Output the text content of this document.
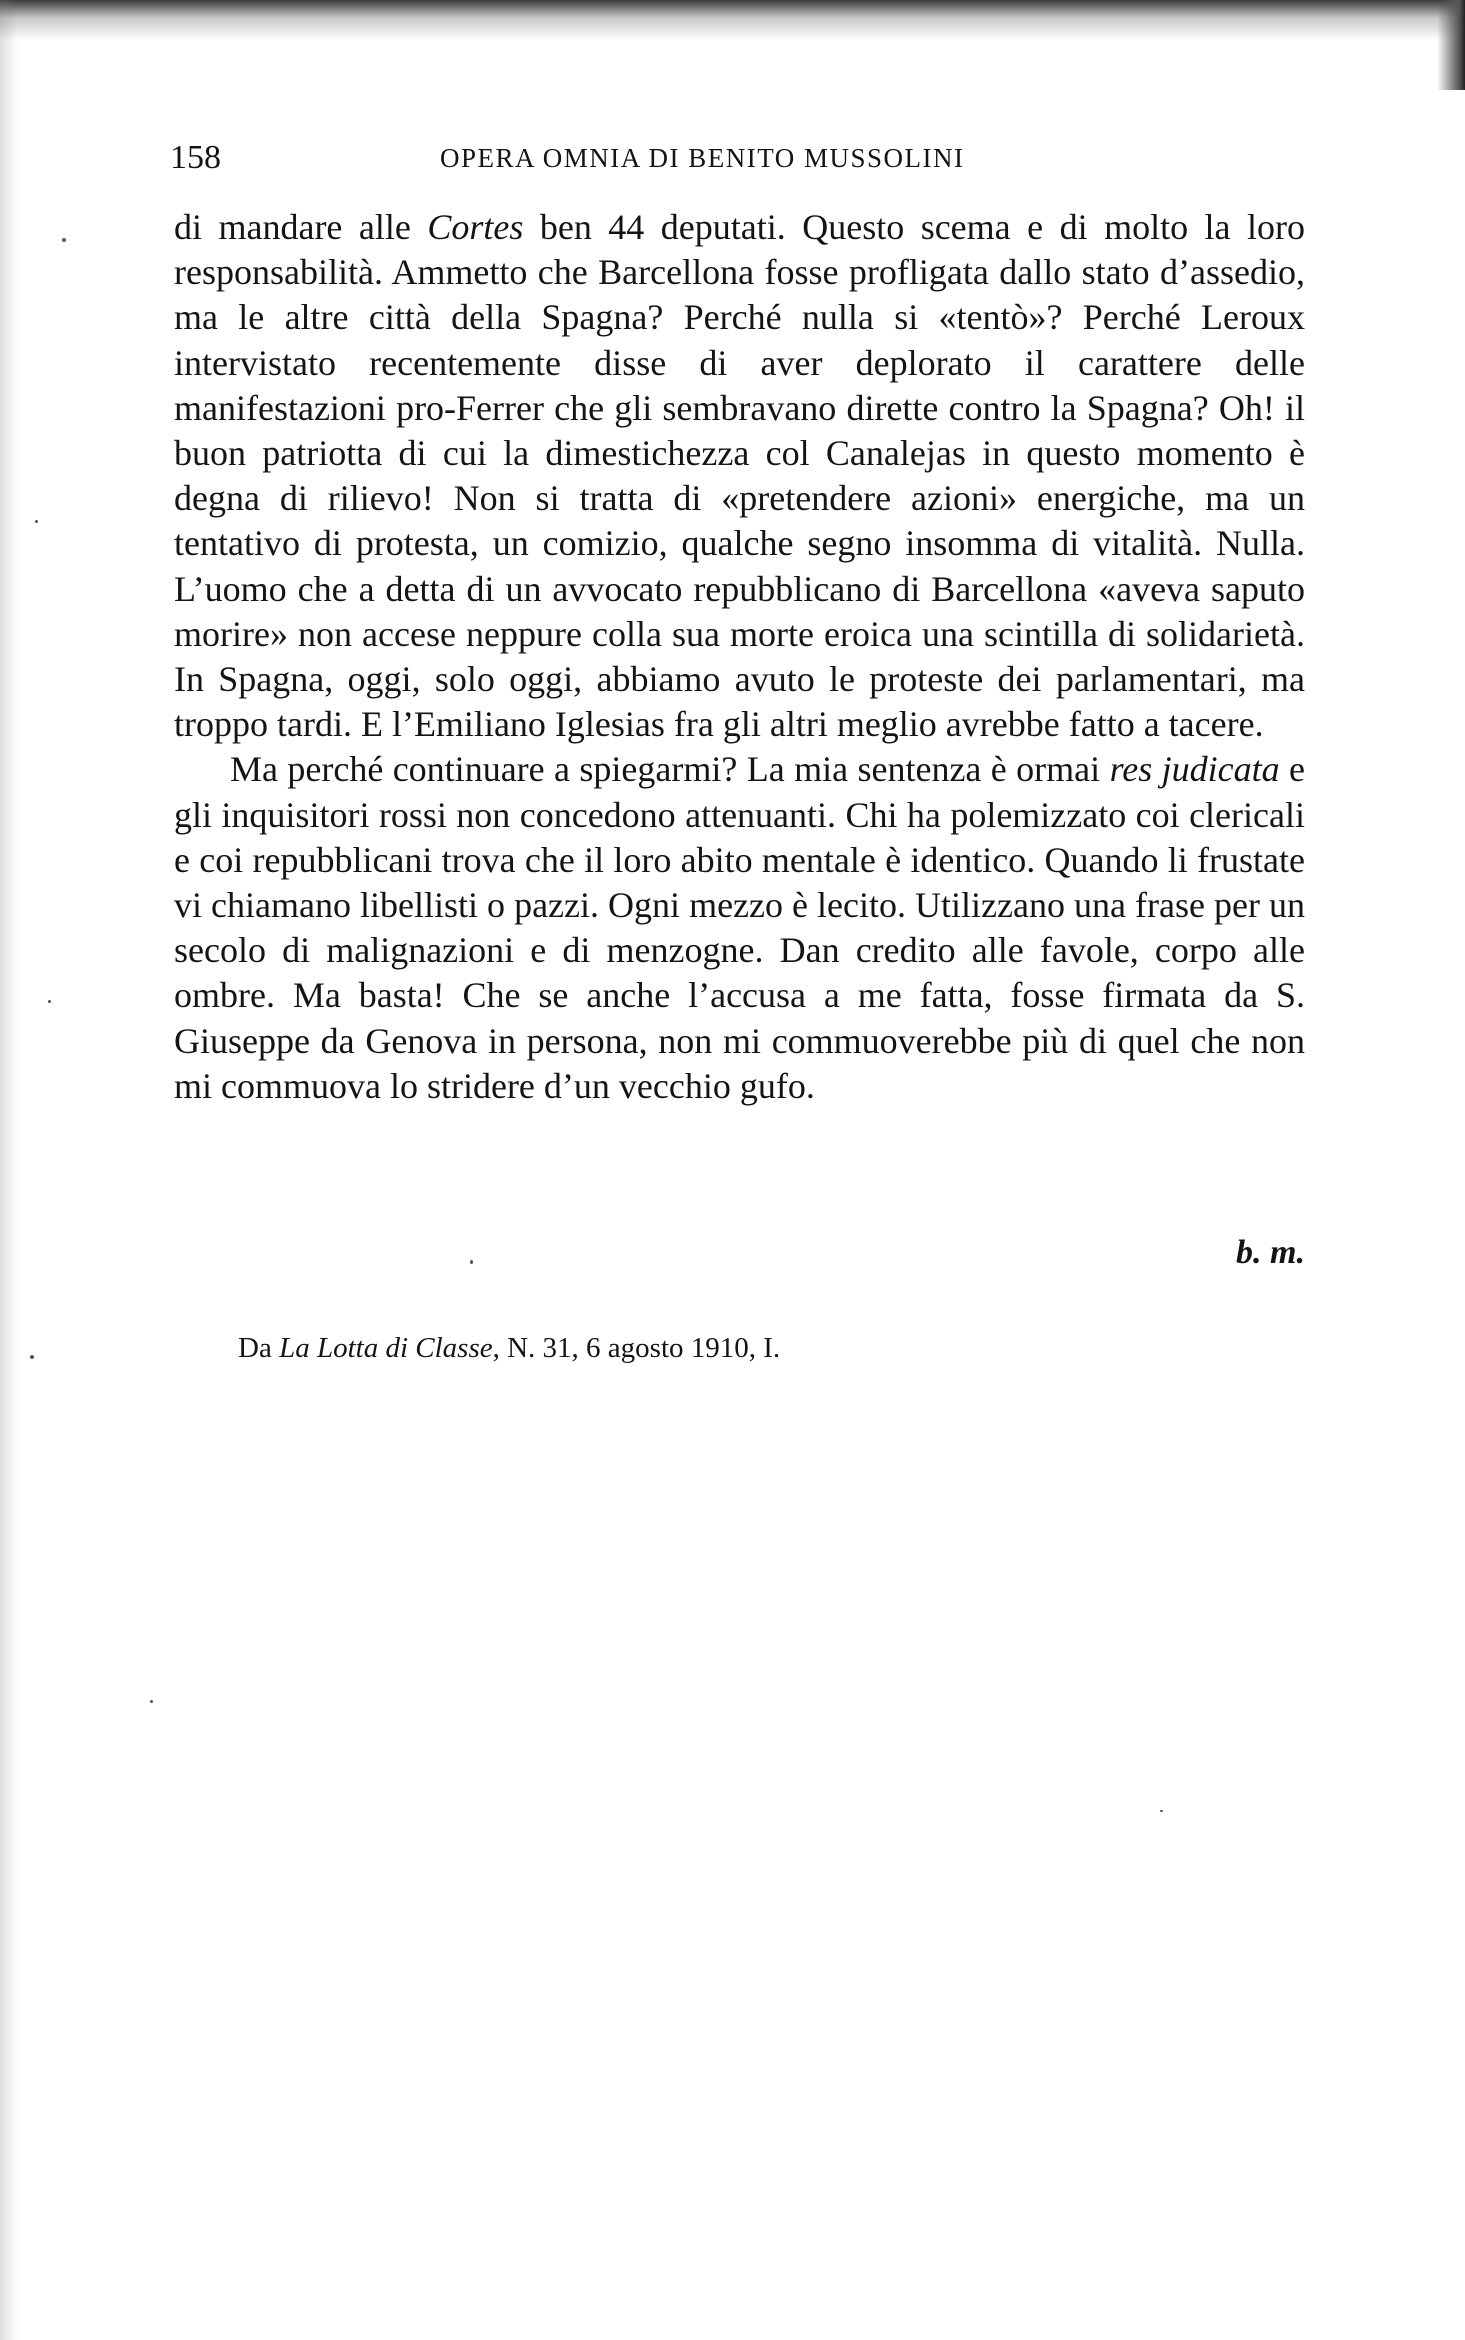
158	OPERA OMNIA DI BENITO MUSSOLINI

di mandare alle Cortes ben 44 deputati. Questo scema e di molto la loro responsabilità. Ammetto che Barcellona fosse profligata dallo stato d’assedio, ma le altre città della Spagna? Perché nulla si «tentò»? Perché Leroux intervistato recentemente disse di aver deplorato il carattere delle manifestazioni pro-Ferrer che gli sembravano dirette contro la Spagna? Oh! il buon patriotta di cui la dimestichezza col Canalejas in questo momento è degna di rilievo! Non si tratta di «pretendere azioni» energiche, ma un tentativo di protesta, un comizio, qualche segno insomma di vitalità. Nulla. L’uomo che a detta di un avvocato repubblicano di Barcellona «aveva saputo morire» non accese neppure colla sua morte eroica una scintilla di solidarietà. In Spagna, oggi, solo oggi, abbiamo avuto le proteste dei parlamentari, ma troppo tardi. E l’Emiliano Iglesias fra gli altri meglio avrebbe fatto a tacere.

Ma perché continuare a spiegarmi? La mia sentenza è ormai res judicata e gli inquisitori rossi non concedono attenuanti. Chi ha polemizzato coi clericali e coi repubblicani trova che il loro abito mentale è identico. Quando li frustate vi chiamano libellisti o pazzi. Ogni mezzo è lecito. Utilizzano una frase per un secolo di malignazioni e di menzogne. Dan credito alle favole, corpo alle ombre. Ma basta! Che se anche l’accusa a me fatta, fosse firmata da S. Giuseppe da Genova in persona, non mi commuoverebbe più di quel che non mi commuova lo stridere d’un vecchio gufo.

b. m.
Da La Lotta di Classe, N. 31, 6 agosto 1910, I.
